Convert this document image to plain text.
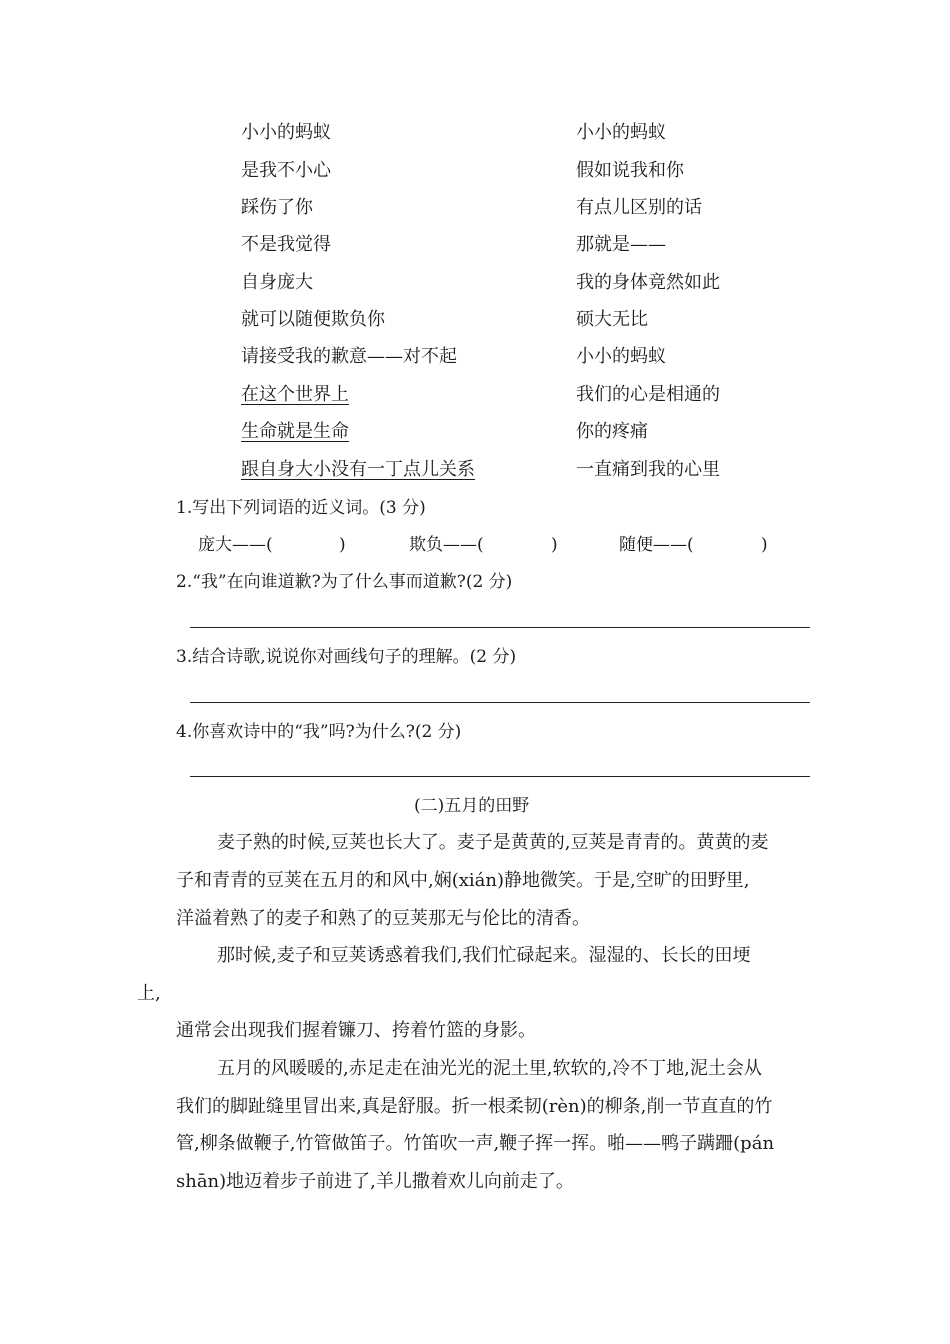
小小的蚂蚁
是我不小心
踩伤了你
不是我觉得
自身庞大
就可以随便欺负你
请接受我的歉意——对不起
在这个世界上
生命就是生命
跟自身大小没有一丁点儿关系
小小的蚂蚁
假如说我和你
有点儿区别的话
那就是——
我的身体竟然如此
硕大无比
小小的蚂蚁
我们的心是相通的
你的疼痛
一直痛到我的心里
1.写出下列词语的近义词。(3 分)
庞大——(	)	欺负——(	)	随便——(	)
2.“我”在向谁道歉?为了什么事而道歉?(2 分)
3.结合诗歌,说说你对画线句子的理解。(2 分)
4.你喜欢诗中的“我”吗?为什么?(2 分)
(二)五月的田野
麦子熟的时候,豆荚也长大了。麦子是黄黄的,豆荚是青青的。黄黄的麦
子和青青的豆荚在五月的和风中,娴(xián)静地微笑。于是,空旷的田野里,
洋溢着熟了的麦子和熟了的豆荚那无与伦比的清香。
那时候,麦子和豆荚诱惑着我们,我们忙碌起来。湿湿的、长长的田埂
上,
通常会出现我们握着镰刀、挎着竹篮的身影。
五月的风暖暖的,赤足走在油光光的泥土里,软软的,冷不丁地,泥土会从
我们的脚趾缝里冒出来,真是舒服。折一根柔韧(rèn)的柳条,削一节直直的竹
管,柳条做鞭子,竹管做笛子。竹笛吹一声,鞭子挥一挥。啪——鸭子蹒跚(pán
shān)地迈着步子前进了,羊儿撒着欢儿向前走了。
